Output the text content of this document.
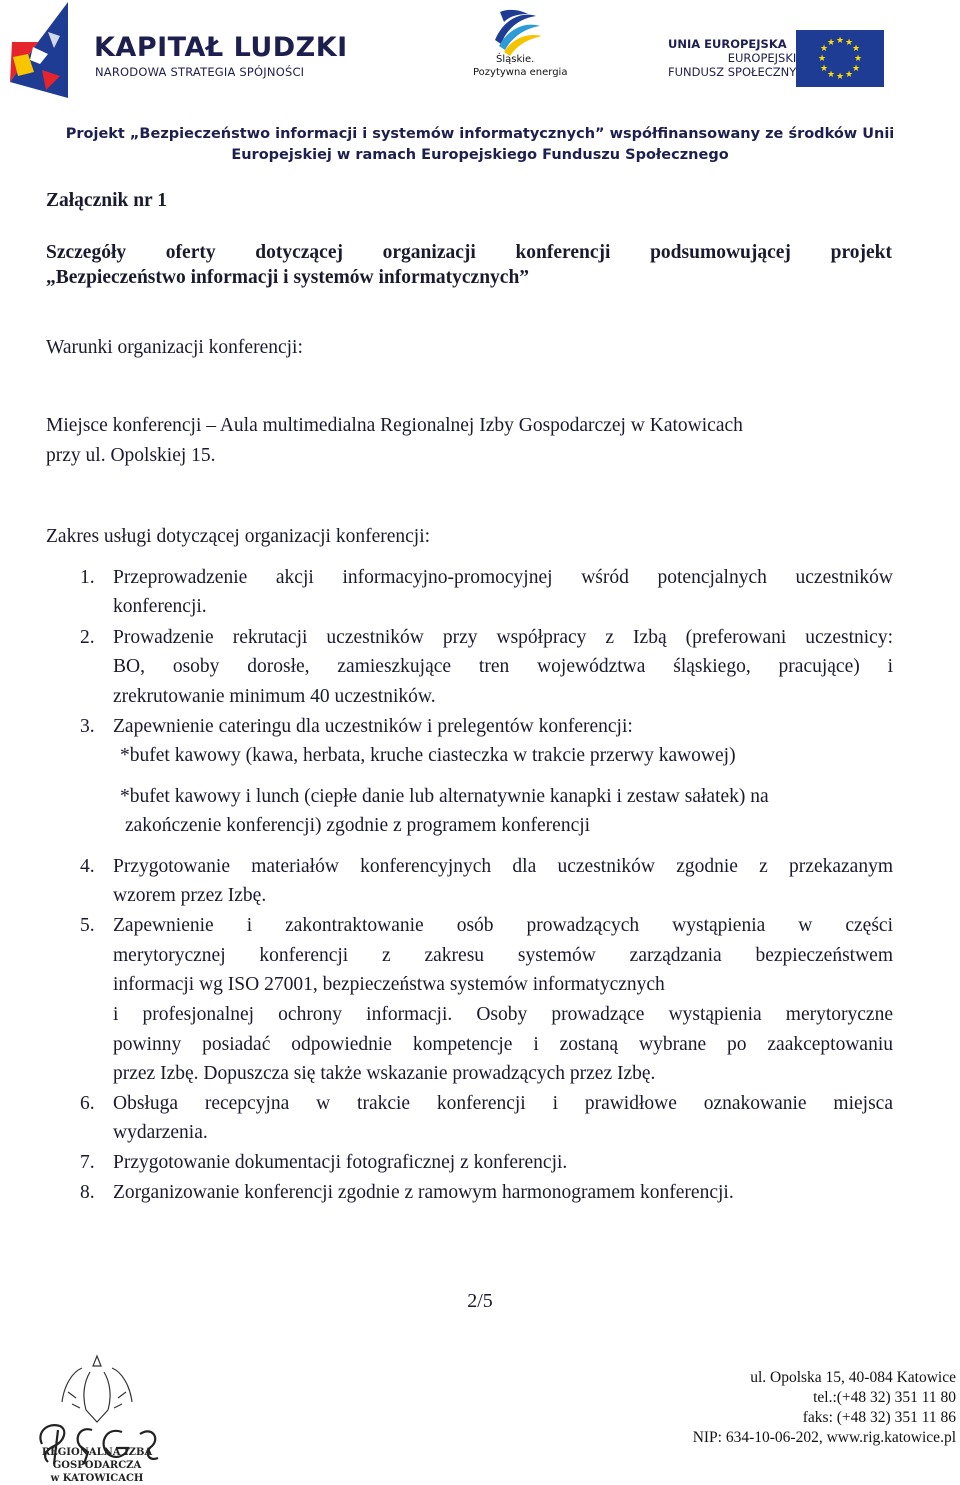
KAPITAŁ LUDZKI
NARODOWA STRATEGIA SPÓJNOŚCI
Śląskie.
Pozytywna energia
UNIA EUROPEJSKA
EUROPEJSKI
FUNDUSZ SPOŁECZNY
★ ★
★
★
★
★
★
★
★
★
★
★
Projekt „Bezpieczeństwo informacji i systemów informatycznych” współfinansowany ze środków Unii
Europejskiej w ramach Europejskiego Funduszu Społecznego
Załącznik nr 1
Szczegóły oferty dotyczącej organizacji konferencji podsumowującej projekt
„Bezpieczeństwo informacji i systemów informatycznych”
Warunki organizacji konferencji:
Miejsce konferencji – Aula multimedialna Regionalnej Izby Gospodarczej w Katowicach
przy ul. Opolskiej 15.
Zakres usługi dotyczącej organizacji konferencji:
1. Przeprowadzenie akcji informacyjno-promocyjnej wśród potencjalnych uczestników
konferencji.
2. Prowadzenie rekrutacji uczestników przy współpracy z Izbą (preferowani uczestnicy:
BO, osoby dorosłe, zamieszkujące tren województwa śląskiego, pracujące) i
zrekrutowanie minimum 40 uczestników.
3. Zapewnienie cateringu dla uczestników i prelegentów konferencji:
*bufet kawowy (kawa, herbata, kruche ciasteczka w trakcie przerwy kawowej)
*bufet kawowy i lunch (ciepłe danie lub alternatywnie kanapki i zestaw sałatek) na
zakończenie konferencji) zgodnie z programem konferencji
4. Przygotowanie materiałów konferencyjnych dla uczestników zgodnie z przekazanym
wzorem przez Izbę.
5. Zapewnienie i zakontraktowanie osób prowadzących wystąpienia w części
merytorycznej konferencji z zakresu systemów zarządzania bezpieczeństwem
informacji wg ISO 27001, bezpieczeństwa systemów informatycznych
i profesjonalnej ochrony informacji. Osoby prowadzące wystąpienia merytoryczne
powinny posiadać odpowiednie kompetencje i zostaną wybrane po zaakceptowaniu
przez Izbę. Dopuszcza się także wskazanie prowadzących przez Izbę.
6. Obsługa recepcyjna w trakcie konferencji i prawidłowe oznakowanie miejsca
wydarzenia.
7. Przygotowanie dokumentacji fotograficznej z konferencji.
8. Zorganizowanie konferencji zgodnie z ramowym harmonogramem konferencji.
2/5
REGIONALNA IZBA GOSPODARCZA
w KATOWICACH
ul. Opolska 15, 40-084 Katowice
tel.:(+48 32) 351 11 80
faks: (+48 32) 351 11 86
NIP: 634-10-06-202, www.rig.katowice.pl
